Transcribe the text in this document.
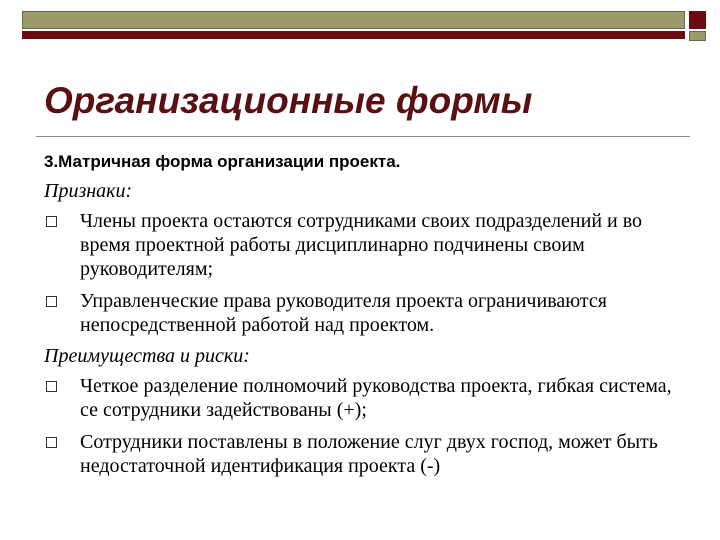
Организационные формы

3.Матричная форма организации проекта.

Признаки:

Члены проекта остаются сотрудниками своих подразделений и во время проектной работы дисциплинарно подчинены своим руководителям;
Управленческие права руководителя проекта ограничиваются непосредственной работой над проектом.

Преимущества и риски:

Четкое разделение полномочий руководства проекта, гибкая система, се сотрудники задействованы (+);
Сотрудники поставлены в положение слуг двух господ, может быть недостаточной идентификация проекта (-)
